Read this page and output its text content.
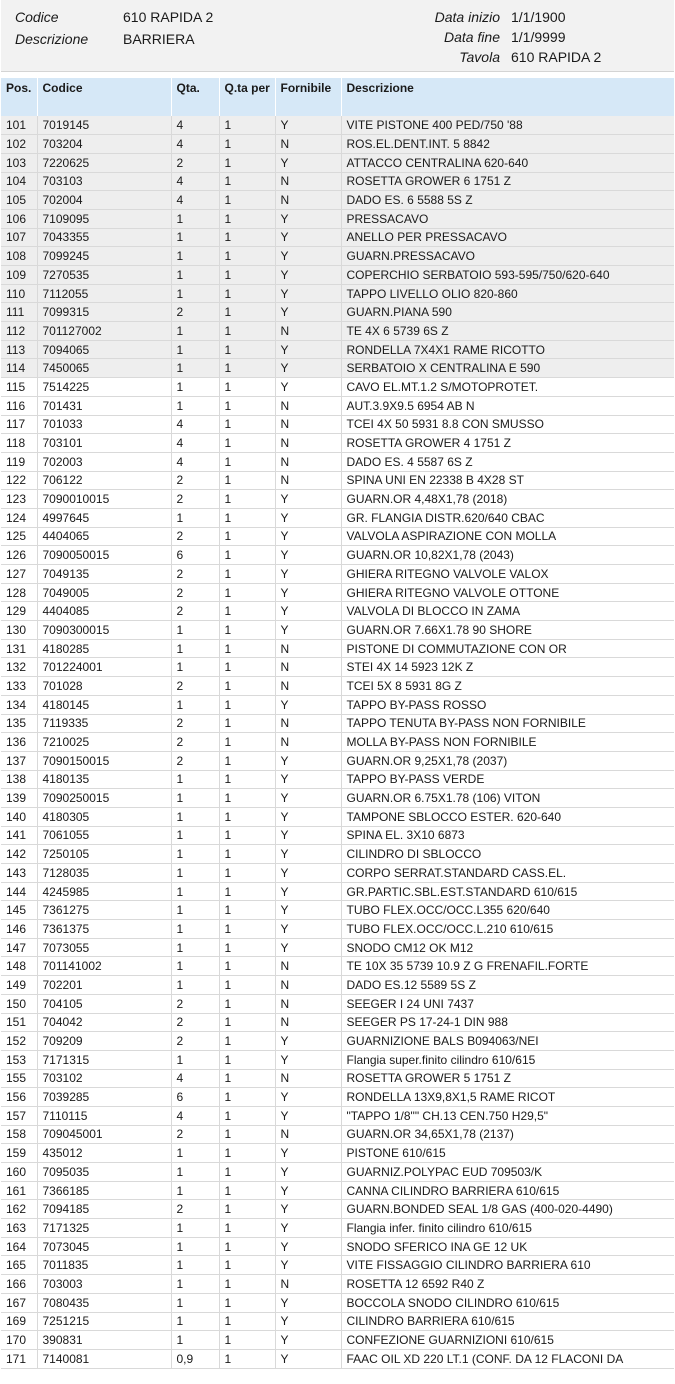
Codice	610 RAPIDA 2
Descrizione BARRIERA
Data inizio 1/1/1900
Data fine 1/1/9999
Tavola 610 RAPIDA 2
Pos.	Codice	Qta.	Q.ta per	Fornibile	Descrizione
101	7019145	4	1	Y	VITE PISTONE 400 PED/750 '88
102	703204	4	1	N	ROS.EL.DENT.INT. 5 8842
103	7220625	2	1	Y	ATTACCO CENTRALINA 620-640
104	703103	4	1	N	ROSETTA GROWER 6 1751 Z
105	702004	4	1	N	DADO ES. 6 5588 5S Z
106	7109095	1	1	Y	PRESSACAVO
107	7043355	1	1	Y	ANELLO PER PRESSACAVO
108	7099245	1	1	Y	GUARN.PRESSACAVO
109	7270535	1	1	Y	COPERCHIO SERBATOIO 593-595/750/620-640
110	7112055	1	1	Y	TAPPO LIVELLO OLIO 820-860
111	7099315	2	1	Y	GUARN.PIANA 590
112	701127002	1	1	N	TE 4X 6 5739 6S Z
113	7094065	1	1	Y	RONDELLA 7X4X1 RAME RICOTTO
114	7450065	1	1	Y	SERBATOIO X CENTRALINA E 590
115	7514225	1	1	Y	CAVO EL.MT.1.2 S/MOTOPROTET.
116	701431	1	1	N	AUT.3.9X9.5 6954 AB N
117	701033	4	1	N	TCEI 4X 50 5931 8.8 CON SMUSSO
118	703101	4	1	N	ROSETTA GROWER 4 1751 Z
119	702003	4	1	N	DADO ES. 4 5587 6S Z
122	706122	2	1	N	SPINA UNI EN 22338 B 4X28 ST
123	7090010015	2	1	Y	GUARN.OR 4,48X1,78 (2018)
124	4997645	1	1	Y	GR. FLANGIA DISTR.620/640 CBAC
125	4404065	2	1	Y	VALVOLA ASPIRAZIONE CON MOLLA
126	7090050015	6	1	Y	GUARN.OR 10,82X1,78 (2043)
127	7049135	2	1	Y	GHIERA RITEGNO VALVOLE VALOX
128	7049005	2	1	Y	GHIERA RITEGNO VALVOLE OTTONE
129	4404085	2	1	Y	VALVOLA DI BLOCCO IN ZAMA
130	7090300015	1	1	Y	GUARN.OR 7.66X1.78 90 SHORE
131	4180285	1	1	N	PISTONE DI COMMUTAZIONE CON OR
132	701224001	1	1	N	STEI 4X 14 5923 12K Z
133	701028	2	1	N	TCEI 5X 8 5931 8G Z
134	4180145	1	1	Y	TAPPO BY-PASS ROSSO
135	7119335	2	1	N	TAPPO TENUTA BY-PASS NON FORNIBILE
136	7210025	2	1	N	MOLLA BY-PASS NON FORNIBILE
137	7090150015	2	1	Y	GUARN.OR 9,25X1,78 (2037)
138	4180135	1	1	Y	TAPPO BY-PASS VERDE
139	7090250015	1	1	Y	GUARN.OR 6.75X1.78 (106) VITON
140	4180305	1	1	Y	TAMPONE SBLOCCO ESTER. 620-640
141	7061055	1	1	Y	SPINA EL. 3X10 6873
142	7250105	1	1	Y	CILINDRO DI SBLOCCO
143	7128035	1	1	Y	CORPO SERRAT.STANDARD CASS.EL.
144	4245985	1	1	Y	GR.PARTIC.SBL.EST.STANDARD 610/615
145	7361275	1	1	Y	TUBO FLEX.OCC/OCC.L355 620/640
146	7361375	1	1	Y	TUBO FLEX.OCC/OCC.L.210 610/615
147	7073055	1	1	Y	SNODO CM12 OK M12
148	701141002	1	1	N	TE 10X 35 5739 10.9 Z G FRENAFIL.FORTE
149	702201	1	1	N	DADO ES.12 5589 5S Z
150	704105	2	1	N	SEEGER I 24 UNI 7437
151	704042	2	1	N	SEEGER PS 17-24-1 DIN 988
152	709209	2	1	Y	GUARNIZIONE BALS B094063/NEI
153	7171315	1	1	Y	Flangia super.finito cilindro 610/615
155	703102	4	1	N	ROSETTA GROWER 5 1751 Z
156	7039285	6	1	Y	RONDELLA 13X9,8X1,5 RAME RICOT
157	7110115	4	1	Y	"TAPPO 1/8"" CH.13 CEN.750 H29,5"
158	709045001	2	1	N	GUARN.OR 34,65X1,78 (2137)
159	435012	1	1	Y	PISTONE 610/615
160	7095035	1	1	Y	GUARNIZ.POLYPAC EUD 709503/K
161	7366185	1	1	Y	CANNA CILINDRO BARRIERA 610/615
162	7094185	2	1	Y	GUARN.BONDED SEAL 1/8 GAS (400-020-4490)
163	7171325	1	1	Y	Flangia infer. finito cilindro 610/615
164	7073045	1	1	Y	SNODO SFERICO INA GE 12 UK
165	7011835	1	1	Y	VITE FISSAGGIO CILINDRO BARRIERA 610
166	703003	1	1	N	ROSETTA 12 6592 R40 Z
167	7080435	1	1	Y	BOCCOLA SNODO CILINDRO 610/615
169	7251215	1	1	Y	CILINDRO BARRIERA 610/615
170	390831	1	1	Y	CONFEZIONE GUARNIZIONI 610/615
171	7140081	0,9	1	Y	FAAC OIL XD 220 LT.1 (CONF. DA 12 FLACONI DA
